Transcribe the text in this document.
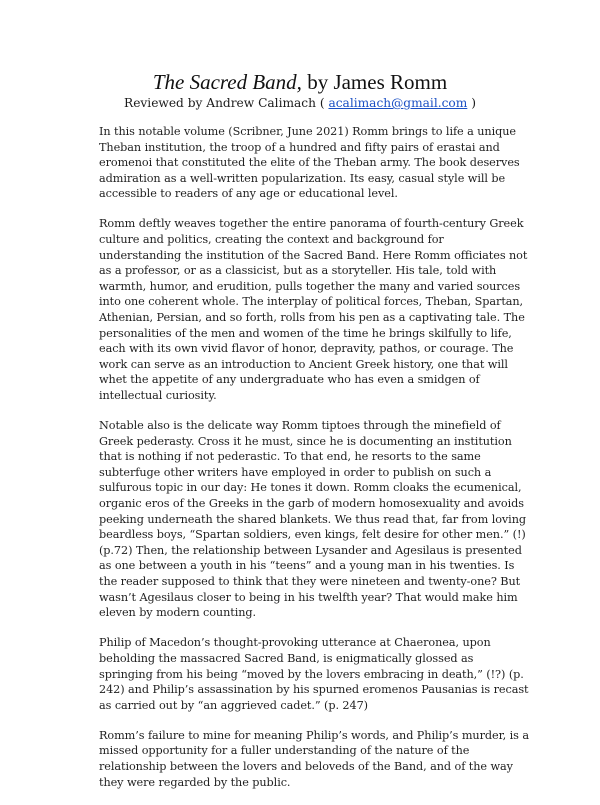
The Sacred Band, by James Romm
Reviewed by Andrew Calimach ( acalimach@gmail.com )

In this notable volume (Scribner, June 2021) Romm brings to life a unique Theban institution, the troop of a hundred and fifty pairs of erastai and eromenoi that constituted the elite of the Theban army. The book deserves admiration as a well-written popularization. Its easy, casual style will be accessible to readers of any age or educational level.

Romm deftly weaves together the entire panorama of fourth-century Greek culture and politics, creating the context and background for understanding the institution of the Sacred Band. Here Romm officiates not as a professor, or as a classicist, but as a storyteller. His tale, told with warmth, humor, and erudition, pulls together the many and varied sources into one coherent whole. The interplay of political forces, Theban, Spartan, Athenian, Persian, and so forth, rolls from his pen as a captivating tale. The personalities of the men and women of the time he brings skilfully to life, each with its own vivid flavor of honor, depravity, pathos, or courage. The work can serve as an introduction to Ancient Greek history, one that will whet the appetite of any undergraduate who has even a smidgen of intellectual curiosity.

Notable also is the delicate way Romm tiptoes through the minefield of Greek pederasty. Cross it he must, since he is documenting an institution that is nothing if not pederastic. To that end, he resorts to the same subterfuge other writers have employed in order to publish on such a sulfurous topic in our day: He tones it down. Romm cloaks the ecumenical, organic eros of the Greeks in the garb of modern homosexuality and avoids peeking underneath the shared blankets. We thus read that, far from loving beardless boys, “Spartan soldiers, even kings, felt desire for other men.” (!) (p.72) Then, the relationship between Lysander and Agesilaus is presented as one between a youth in his “teens” and a young man in his twenties. Is the reader supposed to think that they were nineteen and twenty-one? But wasn’t Agesilaus closer to being in his twelfth year? That would make him eleven by modern counting.

Philip of Macedon’s thought-provoking utterance at Chaeronea, upon beholding the massacred Sacred Band, is enigmatically glossed as springing from his being “moved by the lovers embracing in death,” (!?) (p. 242) and Philip’s assassination by his spurned eromenos Pausanias is recast as carried out by “an aggrieved cadet.” (p. 247)

Romm’s failure to mine for meaning Philip’s words, and Philip’s murder, is a missed opportunity for a fuller understanding of the nature of the relationship between the lovers and beloveds of the Band, and of the way they were regarded by the public.
